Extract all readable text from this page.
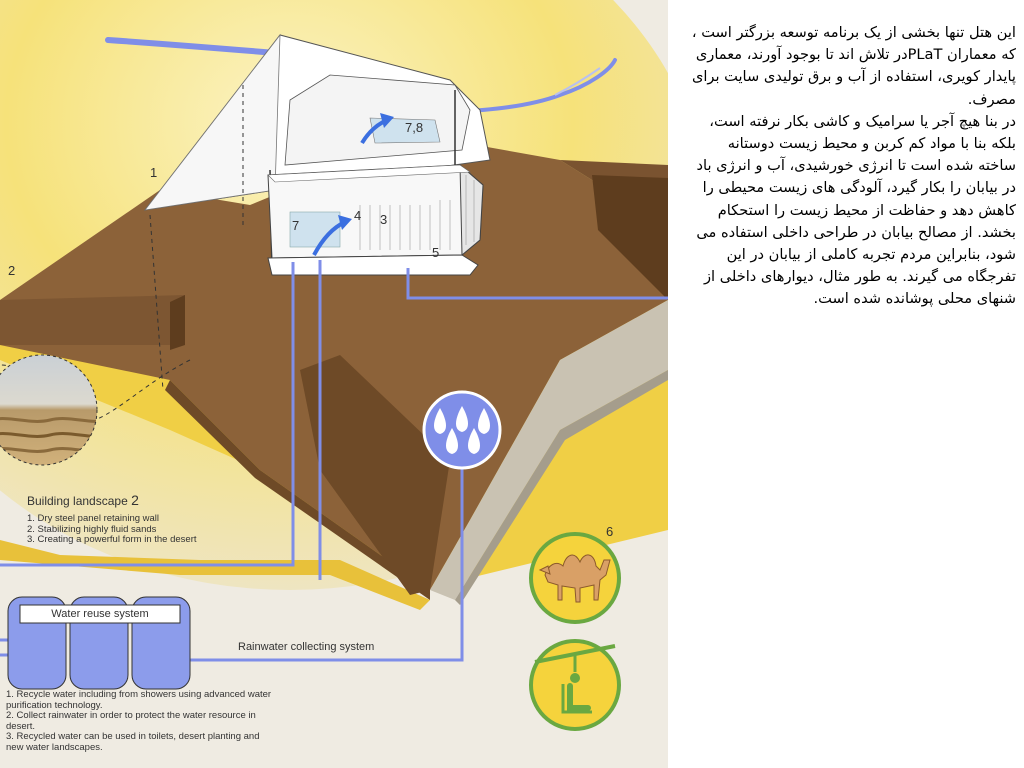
1
2
3
4
5
6
7
7,8
Building landscape 2
1. Dry steel panel retaining wall
2. Stabilizing highly fluid sands
3. Creating a powerful form in the desert
Water reuse system
Rainwater collecting system
1. Recycle water including from showers using advanced water
purification technology.
2. Collect rainwater in order to protect the water resource in
desert.
3. Recycled water can be used in toilets, desert planting and
new water landscapes.

این هتل تنها بخشی از یک برنامه توسعه بزرگتر است ، که معماران PLaTدر تلاش اند تا بوجود آورند، معماری پایدار کویری، استفاده از آب و برق تولیدی سایت برای مصرف.

در بنا هیچ آجر یا سرامیک و کاشی بکار نرفته است، بلکه بنا با مواد کم کربن و محیط زیست دوستانه ساخته شده است تا انرژی خورشیدی، آب و انرژی باد در بیابان را بکار گیرد، آلودگی های زیست محیطی را کاهش دهد و حفاظت از محیط زیست را استحکام بخشد. از مصالح بیابان در طراحی داخلی استفاده می شود، بنابراین مردم تجربه کاملی از بیابان در این تفرجگاه می گیرند. به طور مثال، دیوارهای داخلی از شنهای محلی پوشانده شده است.
